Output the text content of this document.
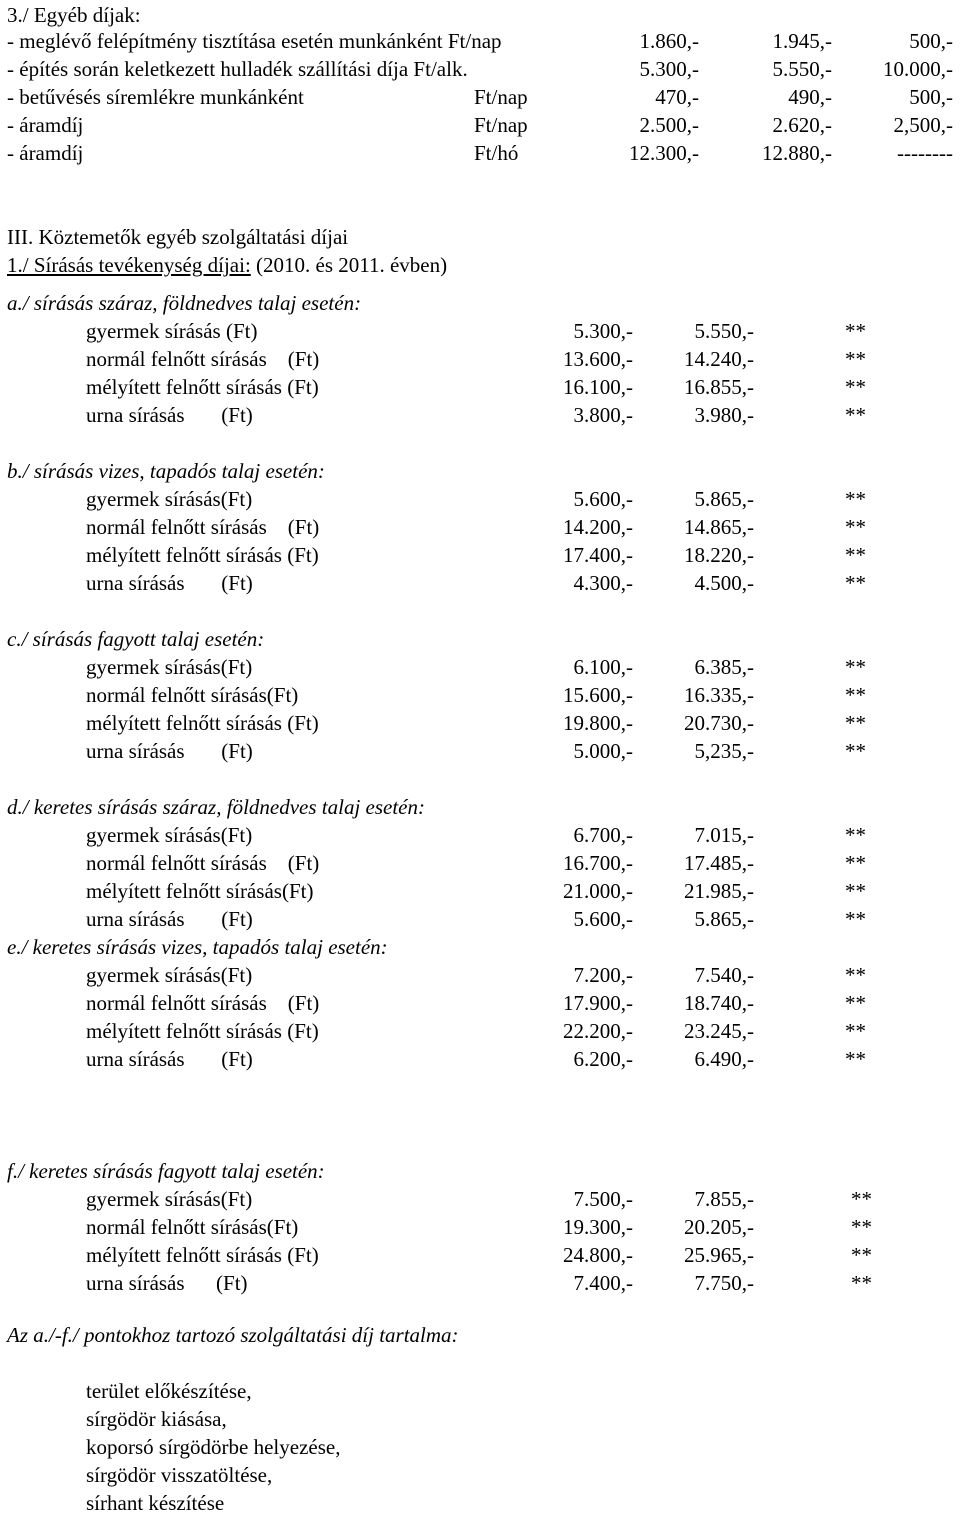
3./ Egyéb díjak:
- meglévő felépítmény tisztítása esetén munkánként Ft/nap	1.860,-	1.945,-	500,-
- építés során keletkezett hulladék szállítási díja Ft/alk.	5.300,-	5.550,- 10.000,-
- betűvésés síremlékre munkánként	Ft/nap	470,-	490,-	500,-
- áramdíj	Ft/nap	2.500,-	2.620,-	2,500,-
- áramdíj	Ft/hó	12.300,-	12.880,-	--------
III. Köztemetők egyéb szolgáltatási díjai
1./ Sírásás tevékenység díjai: (2010. és 2011. évben)
a./ sírásás száraz, földnedves talaj esetén:
gyermek sírásás (Ft)	5.300,-	5.550,-	**
normál felnőtt sírásás    (Ft)	13.600,- 14.240,-	**
mélyített felnőtt sírásás (Ft)	16.100,- 16.855,-	**
urna sírásás       (Ft)	3.800,-	3.980,-	**
b./ sírásás vizes, tapadós talaj esetén:
gyermek sírásás(Ft)	5.600,-	5.865,-	**
normál felnőtt sírásás    (Ft)	14.200,- 14.865,-	**
mélyített felnőtt sírásás (Ft)	17.400,- 18.220,-	**
urna sírásás       (Ft)	4.300,-	4.500,-	**
c./ sírásás fagyott talaj esetén:
gyermek sírásás(Ft)	6.100,-	6.385,-	**
normál felnőtt sírásás(Ft)	15.600,- 16.335,-	**
mélyített felnőtt sírásás (Ft)	19.800,- 20.730,-	**
urna sírásás       (Ft)	5.000,-	5,235,-	**
d./ keretes sírásás száraz, földnedves talaj esetén:
gyermek sírásás(Ft)	6.700,-	7.015,-	**
normál felnőtt sírásás    (Ft)	16.700,- 17.485,-	**
mélyített felnőtt sírásás(Ft)	21.000,- 21.985,-	**
urna sírásás       (Ft)	5.600,-	5.865,-	**
e./ keretes sírásás vizes, tapadós talaj esetén:
gyermek sírásás(Ft)	7.200,-	7.540,-	**
normál felnőtt sírásás    (Ft)	17.900,- 18.740,-	**
mélyített felnőtt sírásás (Ft)	22.200,- 23.245,-	**
urna sírásás       (Ft)	6.200,-	6.490,-	**
f./ keretes sírásás fagyott talaj esetén:
gyermek sírásás(Ft)	7.500,-	7.855,-	**
normál felnőtt sírásás(Ft)	19.300,- 20.205,-	**
mélyített felnőtt sírásás (Ft)	24.800,- 25.965,-	**
urna sírásás      (Ft)	7.400,-	7.750,-	**
Az a./-f./ pontokhoz tartozó szolgáltatási díj tartalma:
terület előkészítése,
sírgödör kiásása,
koporsó sírgödörbe helyezése,
sírgödör visszatöltése,
sírhant készítése
